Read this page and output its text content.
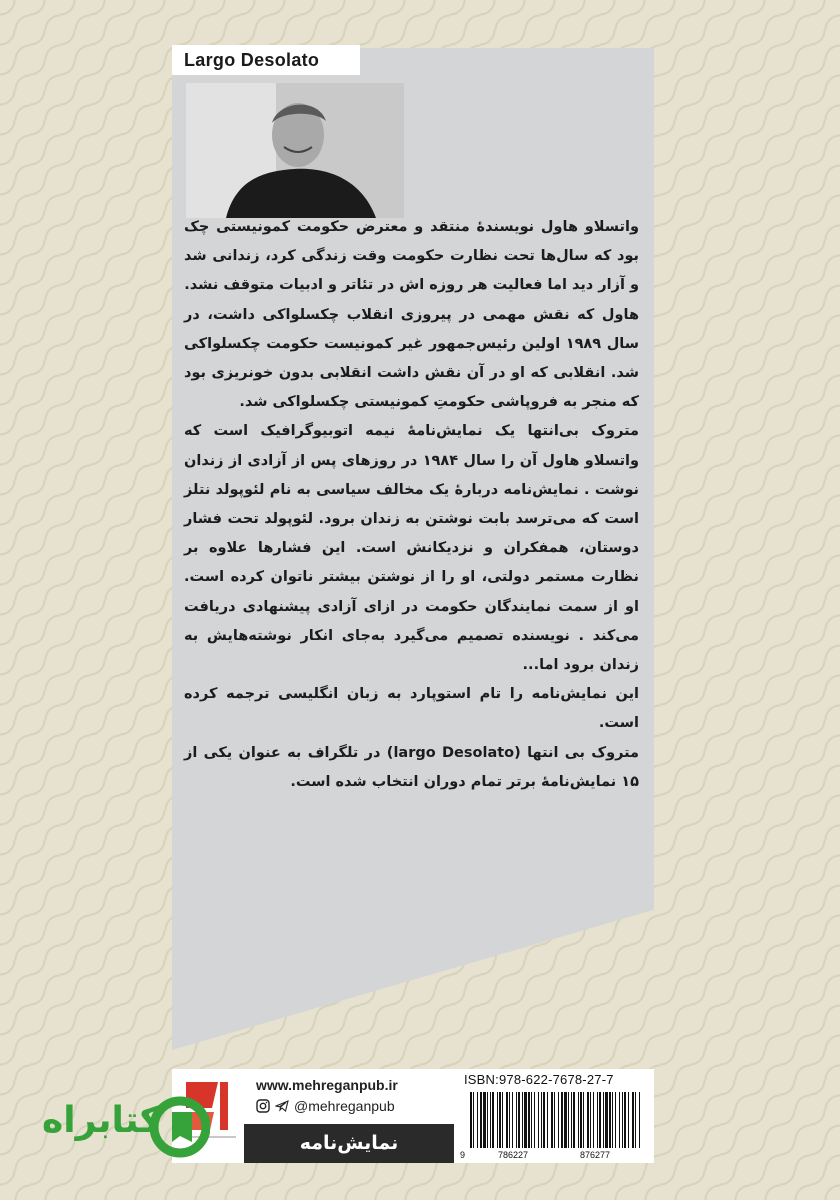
Largo Desolato

واتسلاو هاول نویسندهٔ منتقد و معترض حکومت کمونیستی چک بود که سال‌ها تحت نظارت حکومت وقت زندگی کرد، زندانی شد و آزار دید اما فعالیت هر روزه اش در تئاتر و ادبیات متوقف نشد.

هاول که نقش مهمی در پیروزی انقلاب چکسلواکی داشت، در سال ۱۹۸۹ اولین رئیس‌جمهور غیر کمونیست حکومت چکسلواکی شد. انقلابی که او در آن نقش داشت انقلابی بدون خونریزی بود که منجر به فروپاشی حکومتِ کمونیستی چکسلواکی شد.

متروک بی‌انتها یک نمایش‌نامهٔ نیمه اتوبیوگرافیک است که واتسلاو هاول آن را سال ۱۹۸۴ در روزهای پس از آزادی از زندان نوشت . نمایش‌نامه دربارهٔ یک مخالف سیاسی به نام لئوپولد نتلز است که می‌ترسد بابت نوشتن به زندان برود. لئوپولد تحت فشار دوستان، همفکران و نزدیکانش است. این فشارها علاوه بر نظارت مستمر دولتی، او را از نوشتن بیشتر ناتوان کرده است. او از سمت نمایندگان حکومت در ازای آزادی پیشنهادی دریافت می‌کند . نویسنده تصمیم می‌گیرد به‌جای انکار نوشته‌هایش به زندان برود اما...

این نمایش‌نامه را تام استوپارد به زبان انگلیسی ترجمه کرده است.

متروک بی انتها (largo Desolato) در تلگراف به عنوان یکی از ۱۵ نمایش‌نامهٔ برتر تمام دوران انتخاب شده است.

www.mehreganpub.ir
@mehreganpub
نمایش‌نامه
ISBN:978-622-7678-27-7
9	786227	876277
کتابراه
